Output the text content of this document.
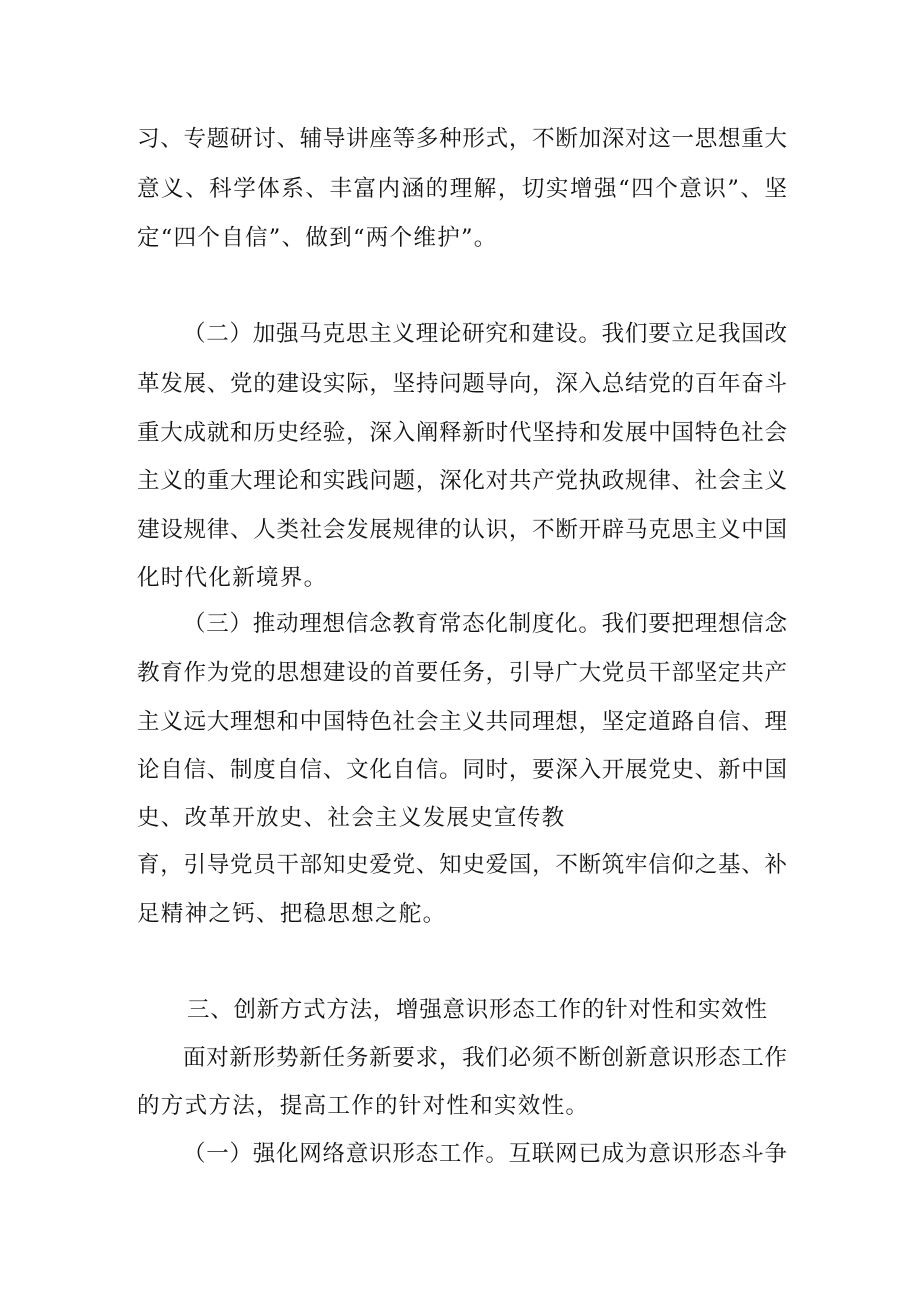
习、专题研讨、辅导讲座等多种形式，不断加深对这一思想重大
意义、科学体系、丰富内涵的理解，切实增强“四个意识”、坚
定“四个自信”、做到“两个维护”。
（二）加强马克思主义理论研究和建设。我们要立足我国改
革发展、党的建设实际，坚持问题导向，深入总结党的百年奋斗
重大成就和历史经验，深入阐释新时代坚持和发展中国特色社会
主义的重大理论和实践问题，深化对共产党执政规律、社会主义
建设规律、人类社会发展规律的认识，不断开辟马克思主义中国
化时代化新境界。
（三）推动理想信念教育常态化制度化。我们要把理想信念
教育作为党的思想建设的首要任务，引导广大党员干部坚定共产
主义远大理想和中国特色社会主义共同理想，坚定道路自信、理
论自信、制度自信、文化自信。同时，要深入开展党史、新中国
史、改革开放史、社会主义发展史宣传教
育，引导党员干部知史爱党、知史爱国，不断筑牢信仰之基、补
足精神之钙、把稳思想之舵。
三、创新方式方法，增强意识形态工作的针对性和实效性
面对新形势新任务新要求，我们必须不断创新意识形态工作
的方式方法，提高工作的针对性和实效性。
（一）强化网络意识形态工作。互联网已成为意识形态斗争
